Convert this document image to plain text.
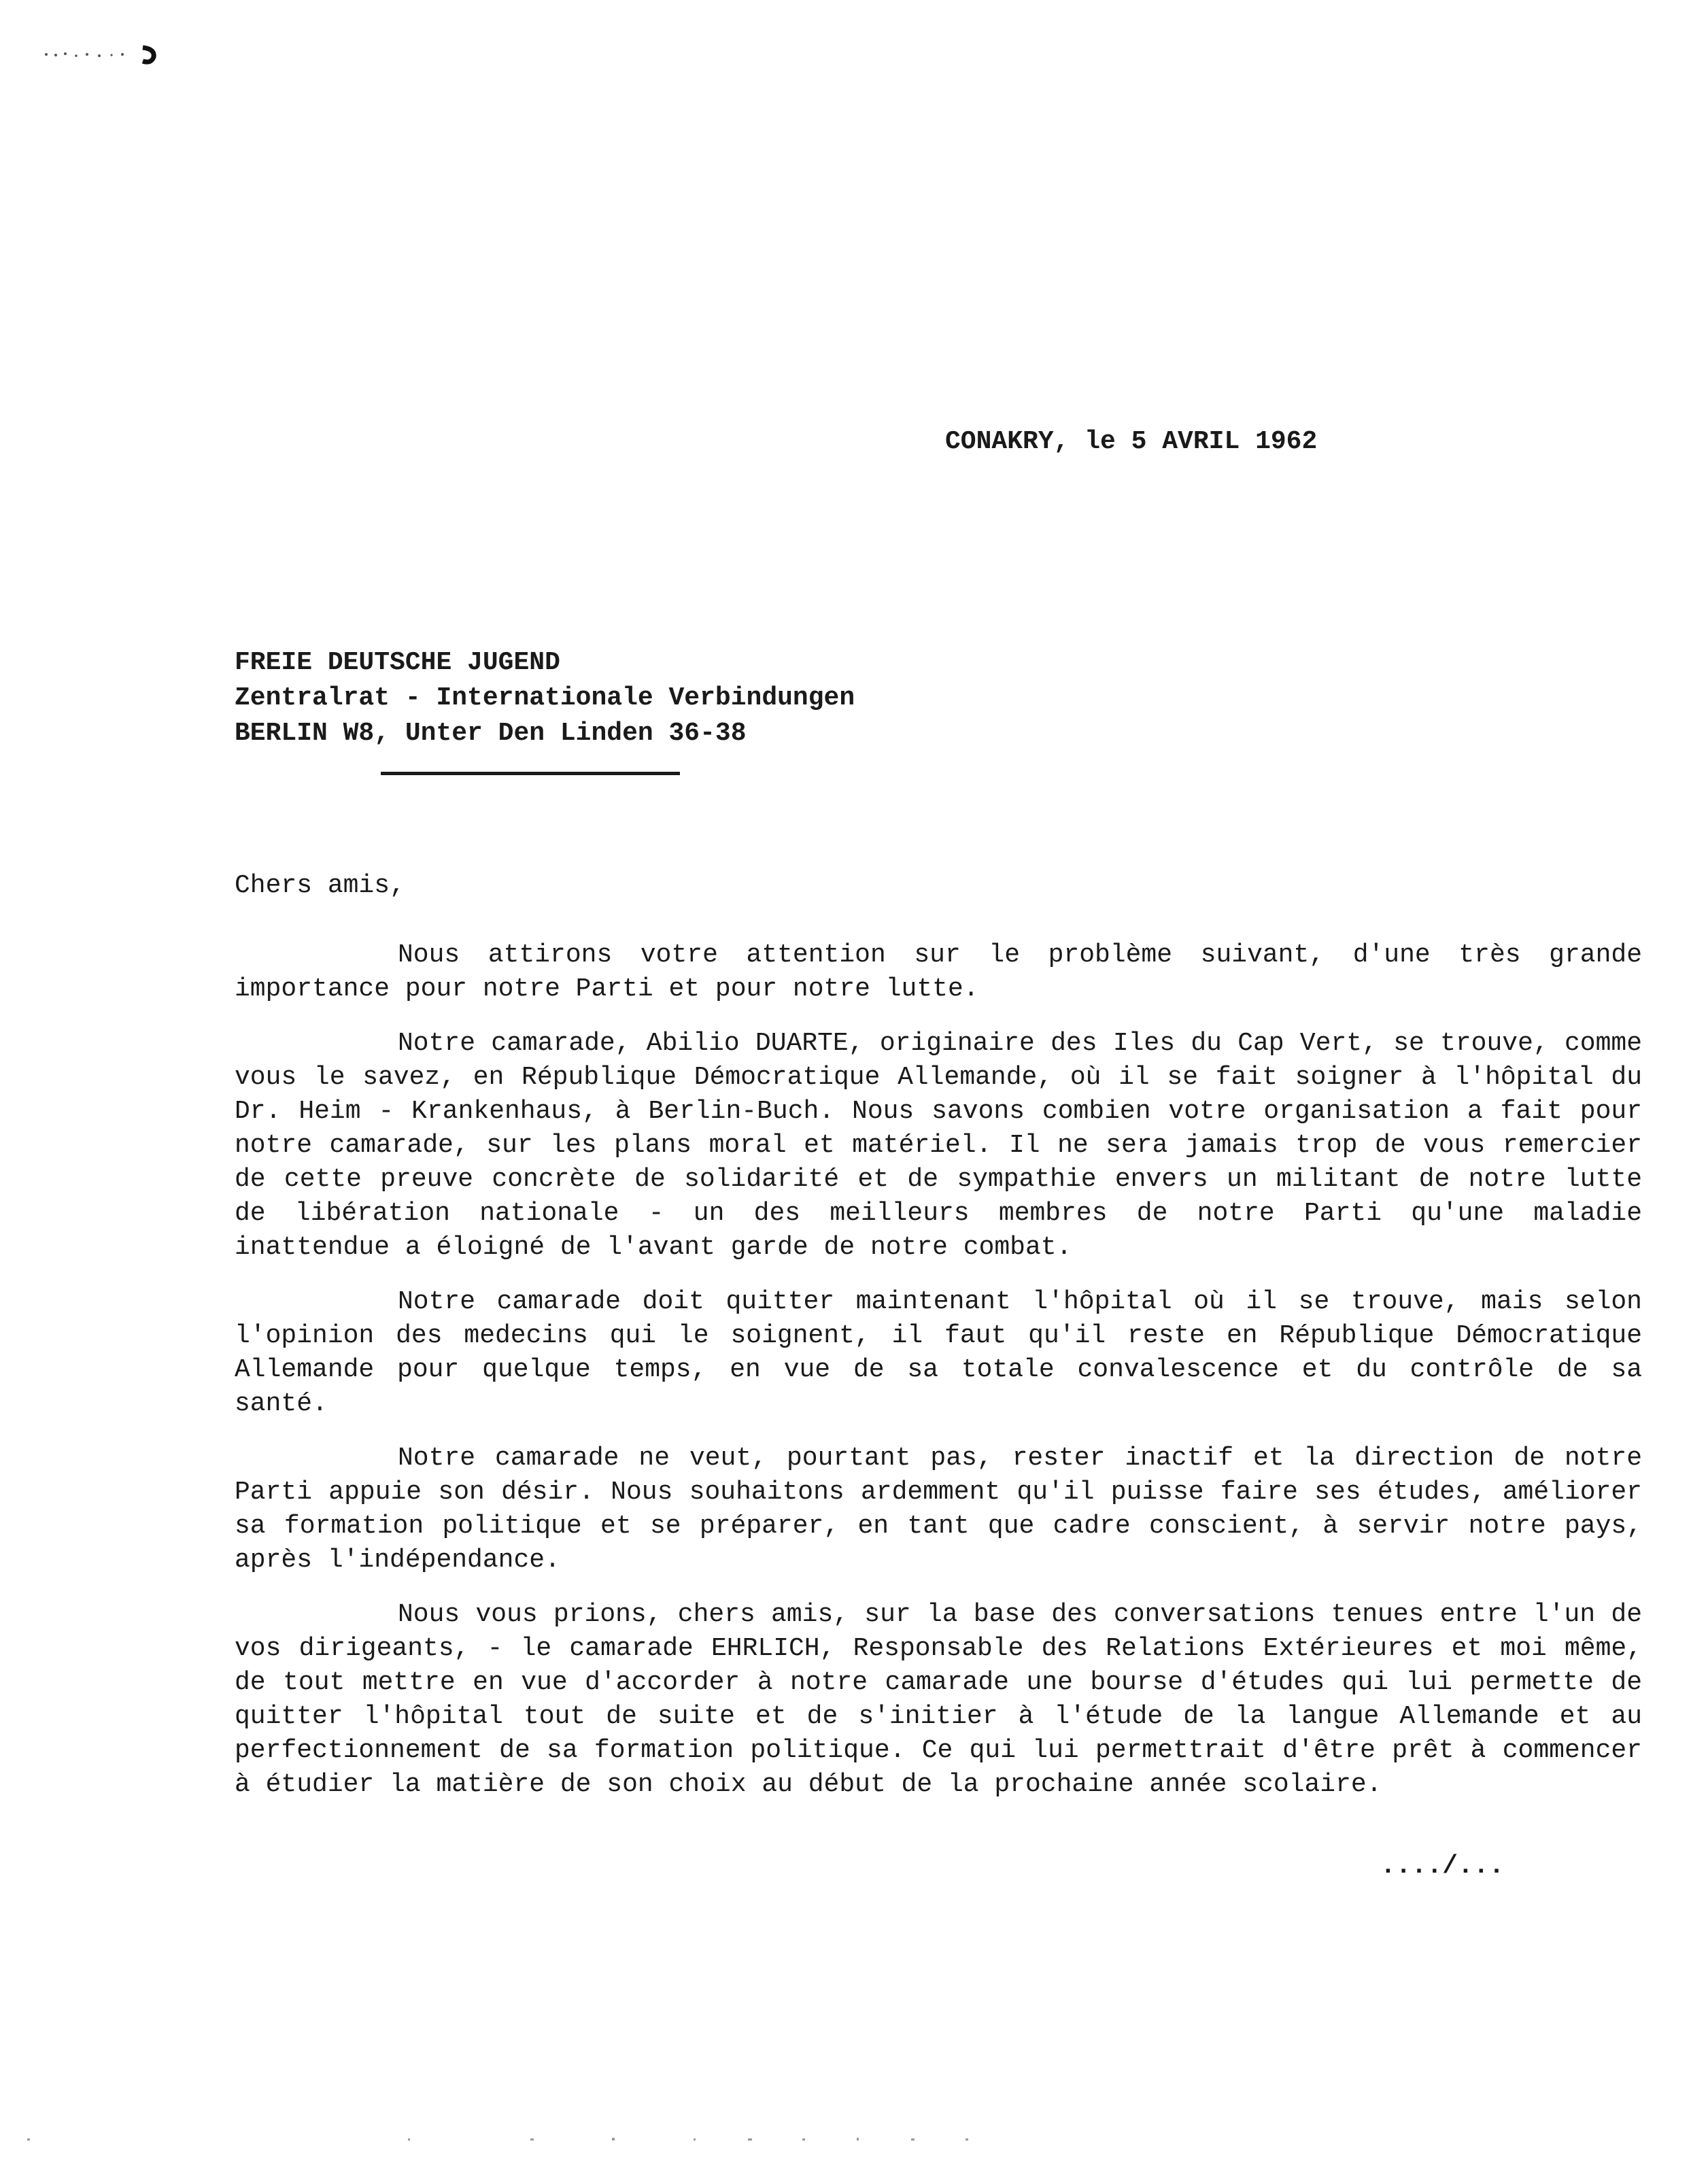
CONAKRY, le 5 AVRIL 1962
FREIE DEUTSCHE JUGEND
Zentralrat - Internationale Verbindungen
BERLIN W8, Unter Den Linden 36-38
Chers amis,

Nous attirons votre attention sur le problème suivant, d'une très grande importance pour notre Parti et pour notre lutte.

Notre camarade, Abilio DUARTE, originaire des Iles du Cap Vert, se trouve, comme vous le savez, en République Démocratique Allemande, où il se fait soigner à l'hôpital du Dr. Heim - Krankenhaus, à Berlin-Buch. Nous savons combien votre organisation a fait pour notre camarade, sur les plans moral et matériel. Il ne sera jamais trop de vous remercier de cette preuve concrète de solidarité et de sympathie envers un militant de notre lutte de libération nationale - un des meilleurs membres de notre Parti qu'une maladie inattendue a éloigné de l'avant garde de notre combat.

Notre camarade doit quitter maintenant l'hôpital où il se trouve, mais selon l'opinion des medecins qui le soignent, il faut qu'il reste en République Démocratique Allemande pour quelque temps, en vue de sa totale convalescence et du contrôle de sa santé.

Notre camarade ne veut, pourtant pas, rester inactif et la direction de notre Parti appuie son désir. Nous souhaitons ardemment qu'il puisse faire ses études, améliorer sa formation politique et se préparer, en tant que cadre conscient, à servir notre pays, après l'indépendance.

Nous vous prions, chers amis, sur la base des conversations tenues entre l'un de vos dirigeants, - le camarade EHRLICH, Responsable des Relations Extérieures et moi même, de tout mettre en vue d'accorder à notre camarade une bourse d'études qui lui permette de quitter l'hôpital tout de suite et de s'initier à l'étude de la langue Allemande et au perfectionnement de sa formation politique. Ce qui lui permettrait d'être prêt à commencer à étudier la matière de son choix au début de la prochaine année scolaire.

..../...
